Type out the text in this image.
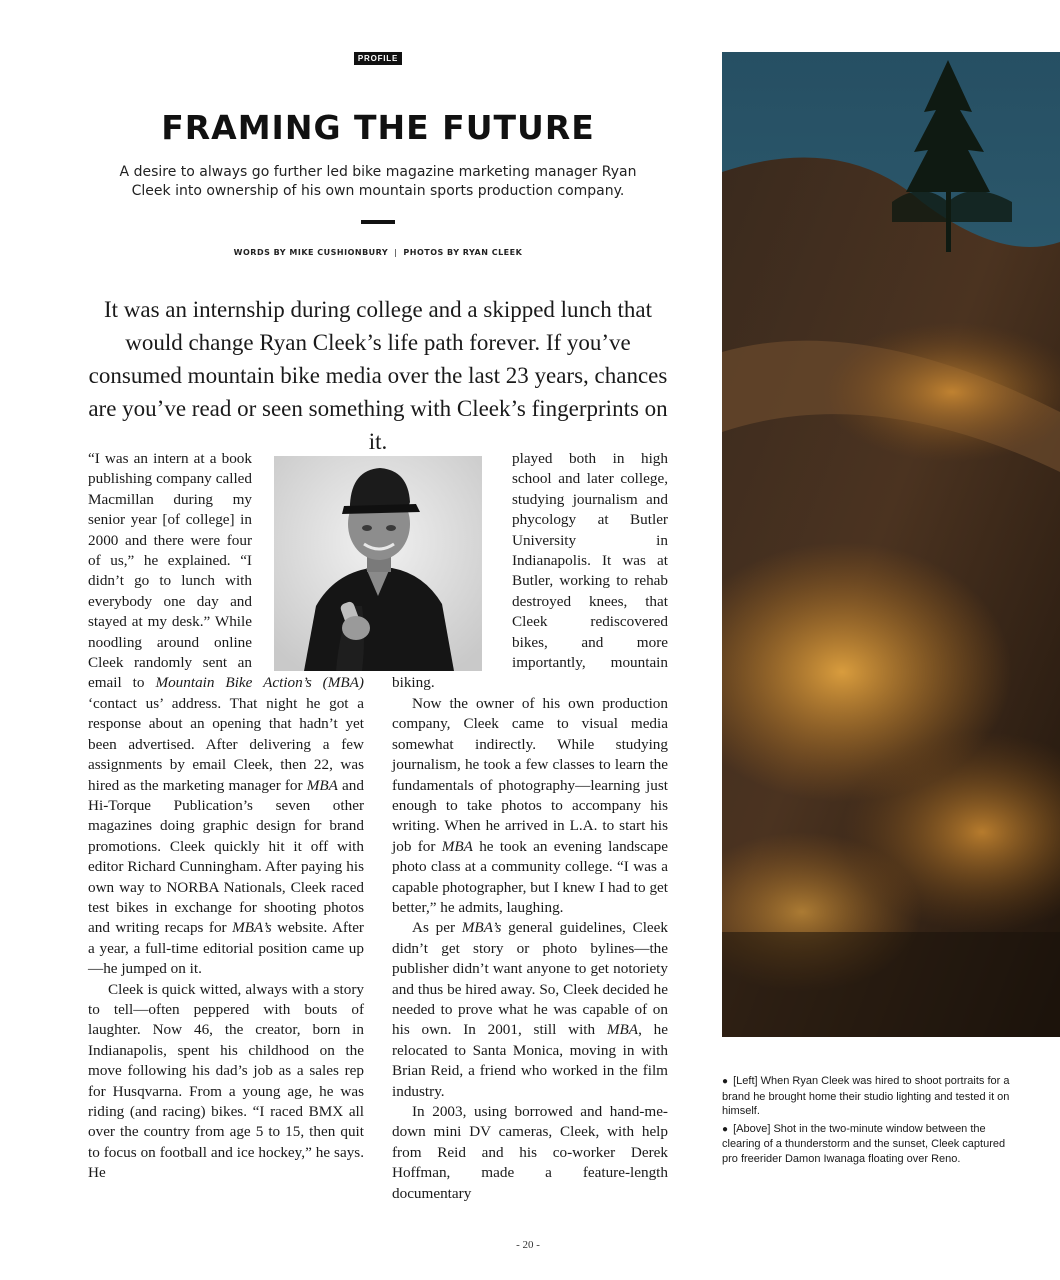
PROFILE
FRAMING THE FUTURE

A desire to always go further led bike magazine marketing manager Ryan Cleek into ownership of his own mountain sports production company.

WORDS BY MIKE CUSHIONBURY | PHOTOS BY RYAN CLEEK

It was an internship during college and a skipped lunch that would change Ryan Cleek’s life path forever. If you’ve consumed mountain bike media over the last 23 years, chances are you’ve read or seen something with Cleek’s fingerprints on it.

“I was an intern at a book publishing company called Macmillan during my senior year [of college] in 2000 and there were four of us,” he explained. “I didn’t go to lunch with everybody one day and stayed at my desk.” While noodling around online Cleek randomly sent an email to Mountain Bike Action’s (MBA) ‘contact us’ address. That night he got a response about an opening that hadn’t yet been advertised. After delivering a few assignments by email Cleek, then 22, was hired as the marketing manager for MBA and Hi-Torque Publication’s seven other magazines doing graphic design for brand promotions. Cleek quickly hit it off with editor Richard Cunningham. After paying his own way to NORBA Nationals, Cleek raced test bikes in exchange for shooting photos and writing recaps for MBA’s website. After a year, a full-time editorial position came up—he jumped on it.

Cleek is quick witted, always with a story to tell—often peppered with bouts of laughter. Now 46, the creator, born in Indianapolis, spent his childhood on the move following his dad’s job as a sales rep for Husqvarna. From a young age, he was riding (and racing) bikes. “I raced BMX all over the country from age 5 to 15, then quit to focus on football and ice hockey,” he says. He

played both in high school and later college, studying journalism and phycology at Butler University in Indianapolis. It was at Butler, working to rehab destroyed knees, that Cleek rediscovered bikes, and more importantly, mountain biking.

Now the owner of his own production company, Cleek came to visual media somewhat indirectly. While studying journalism, he took a few classes to learn the fundamentals of photography—learning just enough to take photos to accompany his writing. When he arrived in L.A. to start his job for MBA he took an evening landscape photo class at a community college. “I was a capable photographer, but I knew I had to get better,” he admits, laughing.

As per MBA’s general guidelines, Cleek didn’t get story or photo bylines—the publisher didn’t want anyone to get notoriety and thus be hired away. So, Cleek decided he needed to prove what he was capable of on his own. In 2001, still with MBA, he relocated to Santa Monica, moving in with Brian Reid, a friend who worked in the film industry.

In 2003, using borrowed and hand-me-down mini DV cameras, Cleek, with help from Reid and his co-worker Derek Hoffman, made a feature-length documentary

● [Left] When Ryan Cleek was hired to shoot portraits for a brand he brought home their studio lighting and tested it on himself.

● [Above] Shot in the two-minute window between the clearing of a thunderstorm and the sunset, Cleek captured pro freerider Damon Iwanaga floating over Reno.

- 20 -
